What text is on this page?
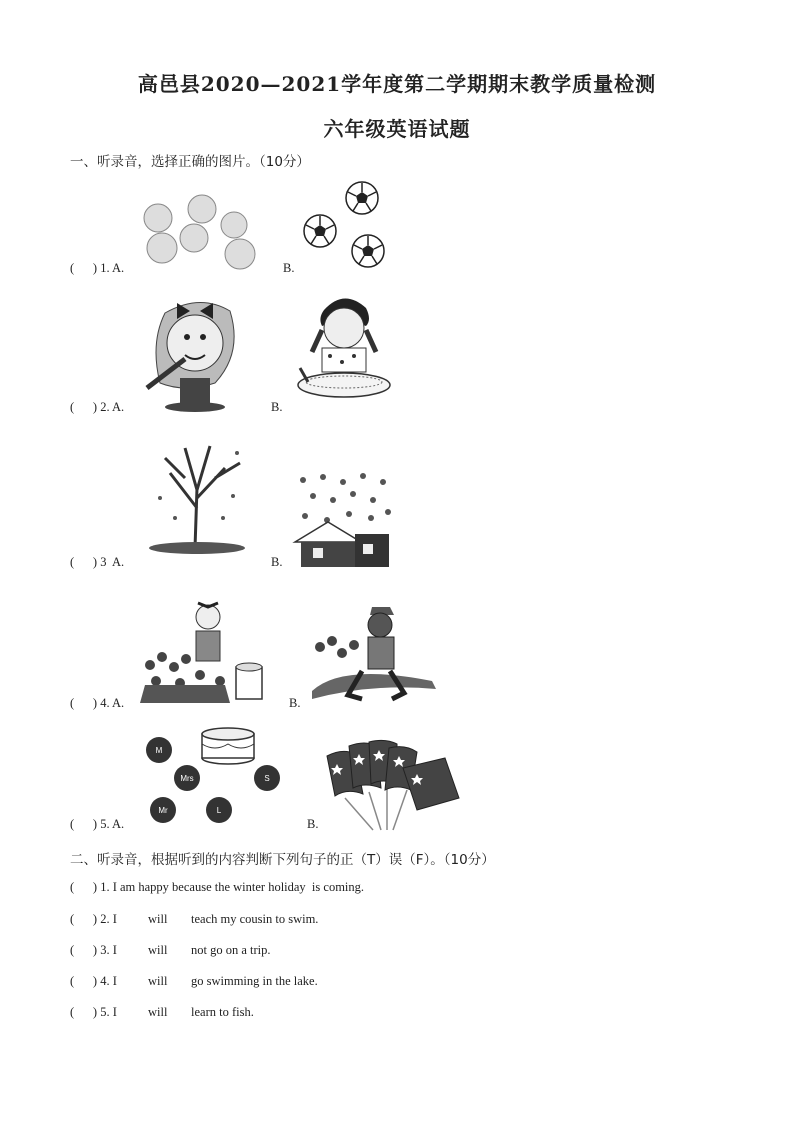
高邑县2020—2021学年度第二学期期末教学质量检测
六年级英语试题
一、听录音，选择正确的图片。（10分）
(      ) 1. A.	B.
(      ) 2. A.	B.
(      ) 3  A.	B.
(      ) 4. A.	B.
(      ) 5. A.	B.
M
Mrs	S
Mr	L
二、听录音，根据听到的内容判断下列句子的正（T）误（F）。（10分）
(      ) 1. I am happy because the winter holiday  is coming.
(      ) 2. I will teach my cousin to swim.
(      ) 3. I will not go on a trip.
(      ) 4. I will go swimming in the lake.
(      ) 5. I will learn to fish.
